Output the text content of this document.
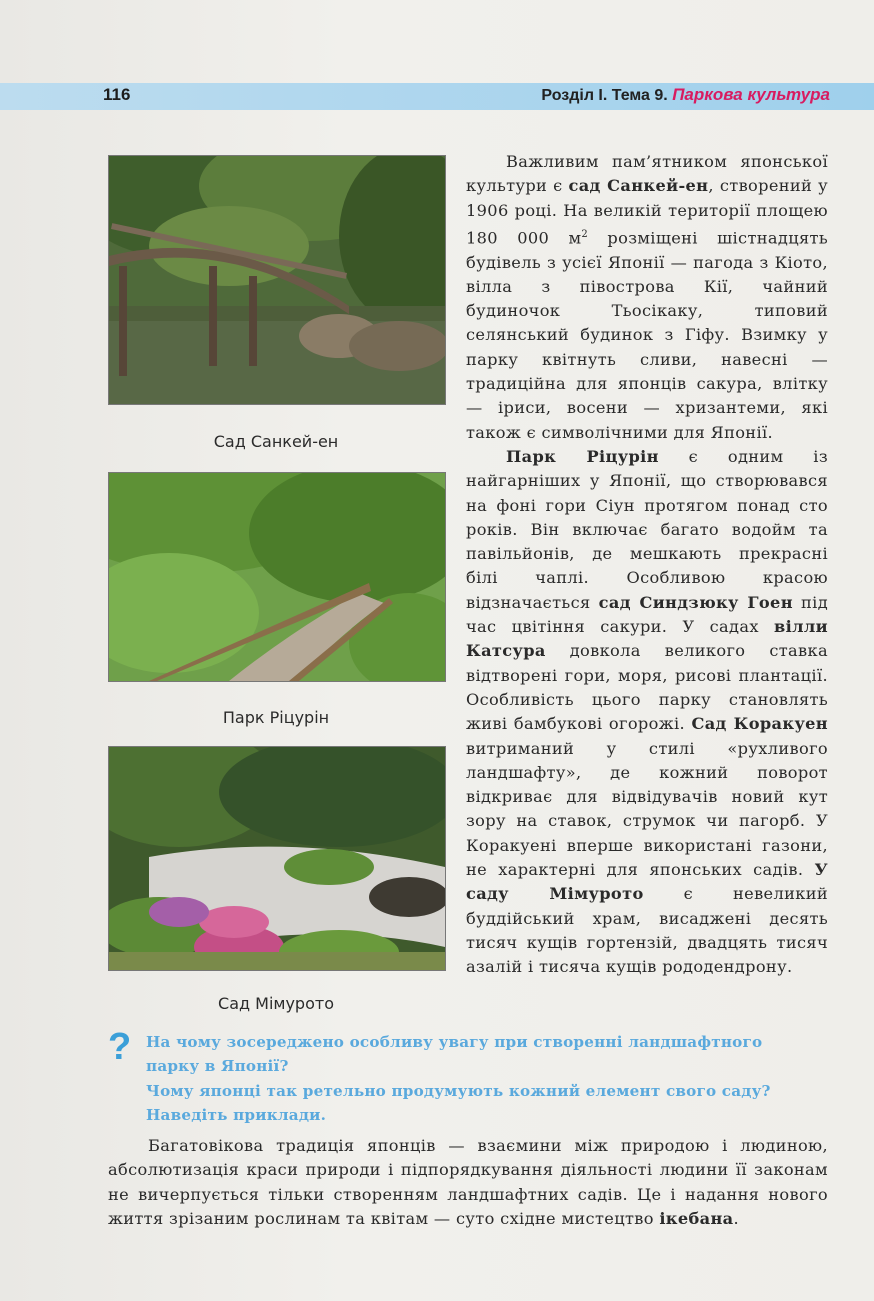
116	Розділ І. Тема 9. Паркова культура
Сад Санкей-ен
Парк Ріцурін
Сад Мімурото

Важливим пам’ятником японської культури є сад Санкей-ен, створений у 1906 році. На великій території площею 180 000 $м^2$ розміщені шістнадцять будівель з усієї Японії — пагода з Кіото, вілла з півострова Кії, чайний будиночок Тьосікаку, типовий селянський будинок з Гіфу. Взимку у парку квітнуть сливи, навесні — традиційна для японців сакура, влітку — іриси, восени — хризантеми, які також є символічними для Японії.

Парк Ріцурін є одним із найгарніших у Японії, що створювався на фоні гори Сіун протягом понад сто років. Він включає багато водойм та павільйонів, де мешкають прекрасні білі чаплі. Особливою красою відзначається сад Синдзюку Гоен під час цвітіння сакури. У садах вілли Катсура довкола великого ставка відтворені гори, моря, рисові плантації. Особливість цього парку становлять живі бамбукові огорожі. Сад Коракуен витриманий у стилі «рухливого ландшафту», де кожний поворот відкриває для відвідувачів новий кут зору на ставок, струмок чи пагорб. У Коракуені вперше використані газони, не характерні для японських садів. У саду Мімурото є невеликий буддійський храм, висаджені десять тисяч кущів гортензій, двадцять тисяч азалій і тисяча кущів рододендрону.

? На чому зосереджено особливу увагу при створенні ландшафтного
парку в Японії?
Чому японці так ретельно продумують кожний елемент свого саду?
Наведіть приклади.

Багатовікова традиція японців — взаємини між природою і людиною, абсолютизація краси природи і підпорядкування діяльності людини її законам не вичерпується тільки створенням ландшафтних садів. Це і надання нового життя зрізаним рослинам та квітам — суто східне мистецтво ікебана.
